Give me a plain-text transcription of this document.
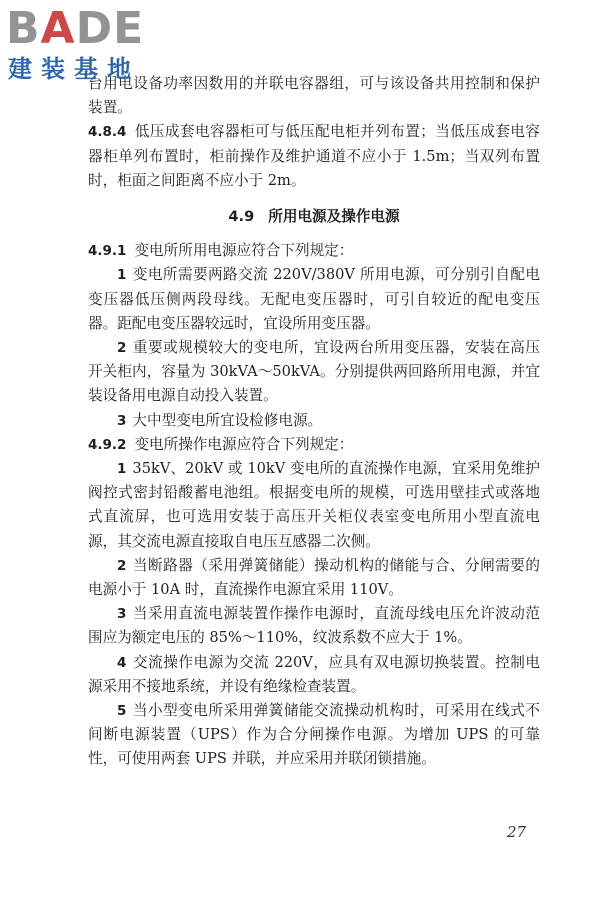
BADE
建装基地

台用电设备功率因数用的并联电容器组，可与该设备共用控制和保护装置。

4.8.4 低压成套电容器柜可与低压配电柜并列布置；当低压成套电容器柜单列布置时，柜前操作及维护通道不应小于 1.5m；当双列布置时，柜面之间距离不应小于 2m。

4.9 所用电源及操作电源

4.9.1 变电所所用电源应符合下列规定：

1 变电所需要两路交流 220V/380V 所用电源，可分别引自配电变压器低压侧两段母线。无配电变压器时，可引自较近的配电变压器。距配电变压器较远时，宜设所用变压器。

2 重要或规模较大的变电所，宜设两台所用变压器，安装在高压开关柜内，容量为 30kVA～50kVA。分别提供两回路所用电源，并宜装设备用电源自动投入装置。

3 大中型变电所宜设检修电源。

4.9.2 变电所操作电源应符合下列规定：

1 35kV、20kV 或 10kV 变电所的直流操作电源，宜采用免维护阀控式密封铅酸蓄电池组。根据变电所的规模，可选用壁挂式或落地式直流屏，也可选用安装于高压开关柜仪表室变电所用小型直流电源，其交流电源直接取自电压互感器二次侧。

2 当断路器（采用弹簧储能）操动机构的储能与合、分闸需要的电源小于 10A 时，直流操作电源宜采用 110V。

3 当采用直流电源装置作操作电源时，直流母线电压允许波动范围应为额定电压的 85%～110%，纹波系数不应大于 1%。

4 交流操作电源为交流 220V，应具有双电源切换装置。控制电源采用不接地系统，并设有绝缘检查装置。

5 当小型变电所采用弹簧储能交流操动机构时，可采用在线式不间断电源装置（UPS）作为合分闸操作电源。为增加 UPS 的可靠性，可使用两套 UPS 并联，并应采用并联闭锁措施。

27
